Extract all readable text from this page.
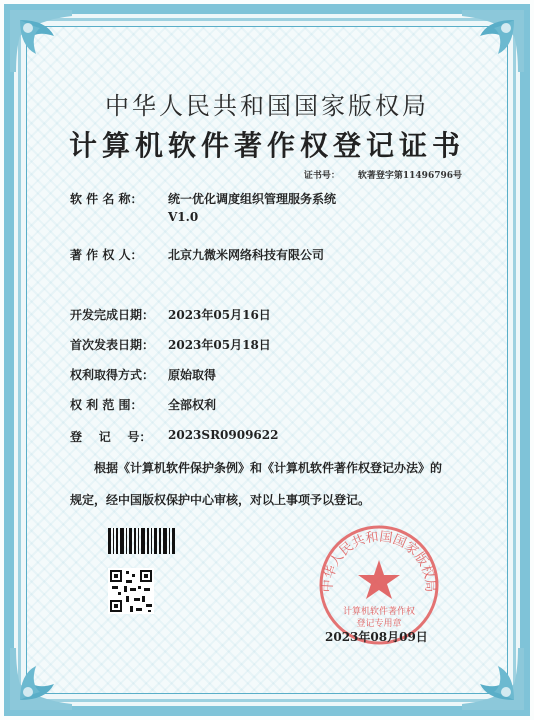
中华人民共和国国家版权局
计算机软件著作权登记证书
证书号： 软著登字第11496796号
软 件 名 称： 统一优化调度组织管理服务系统
V1.0
著 作 权 人： 北京九微米网络科技有限公司
开发完成日期： 2023年05月16日
首次发表日期： 2023年05月18日
权利取得方式： 原始取得
权 利 范 围： 全部权利
登    记    号： 2023SR0909622
根据《计算机软件保护条例》和《计算机软件著作权登记办法》的
规定，经中国版权保护中心审核，对以上事项予以登记。
中华人民共和国国家版权局
计算机软件著作权
登记专用章
2023年08月09日
